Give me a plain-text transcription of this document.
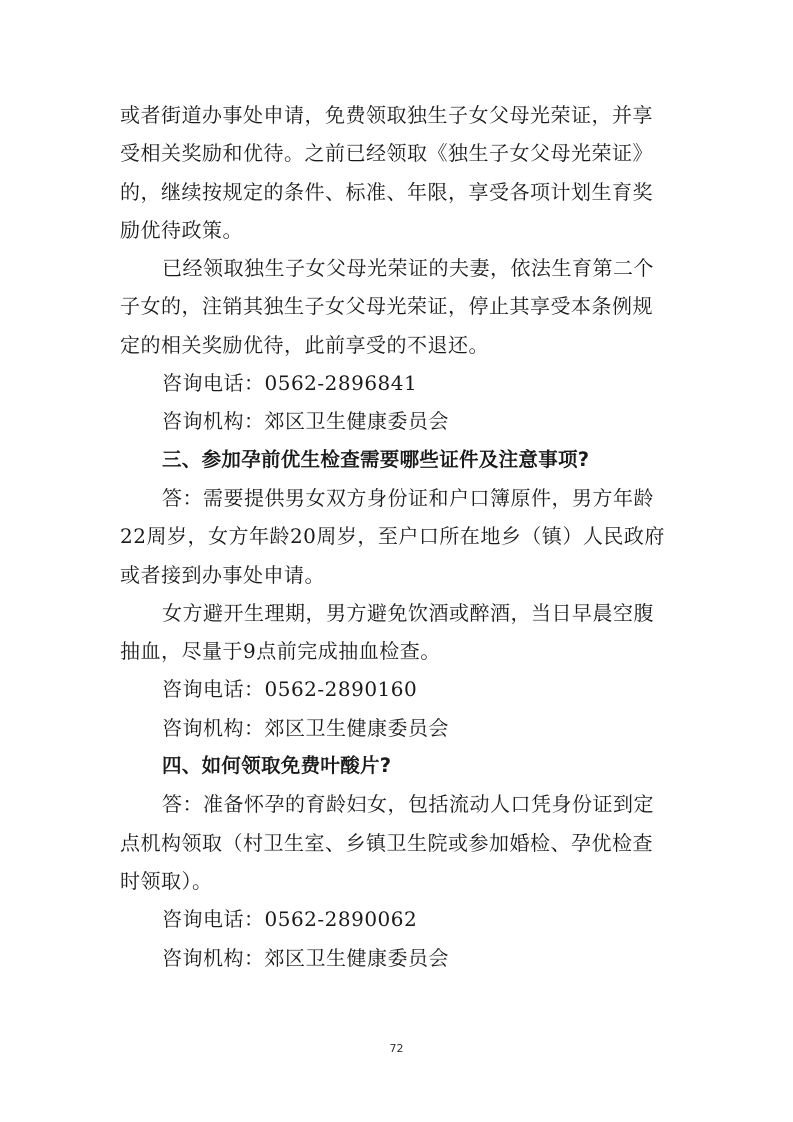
或者街道办事处申请，免费领取独生子女父母光荣证，并享
受相关奖励和优待。之前已经领取《独生子女父母光荣证》
的，继续按规定的条件、标准、年限，享受各项计划生育奖
励优待政策。

已经领取独生子女父母光荣证的夫妻，依法生育第二个
子女的，注销其独生子女父母光荣证，停止其享受本条例规
定的相关奖励优待，此前享受的不退还。

咨询电话：0562-2896841

咨询机构：郊区卫生健康委员会

三、参加孕前优生检查需要哪些证件及注意事项?

答：需要提供男女双方身份证和户口簿原件，男方年龄
22周岁，女方年龄20周岁，至户口所在地乡（镇）人民政府
或者接到办事处申请。

女方避开生理期，男方避免饮酒或醉酒，当日早晨空腹
抽血，尽量于9点前完成抽血检查。

咨询电话：0562-2890160

咨询机构：郊区卫生健康委员会

四、如何领取免费叶酸片?

答：准备怀孕的育龄妇女，包括流动人口凭身份证到定
点机构领取（村卫生室、乡镇卫生院或参加婚检、孕优检查
时领取）。

咨询电话：0562-2890062

咨询机构：郊区卫生健康委员会

72
